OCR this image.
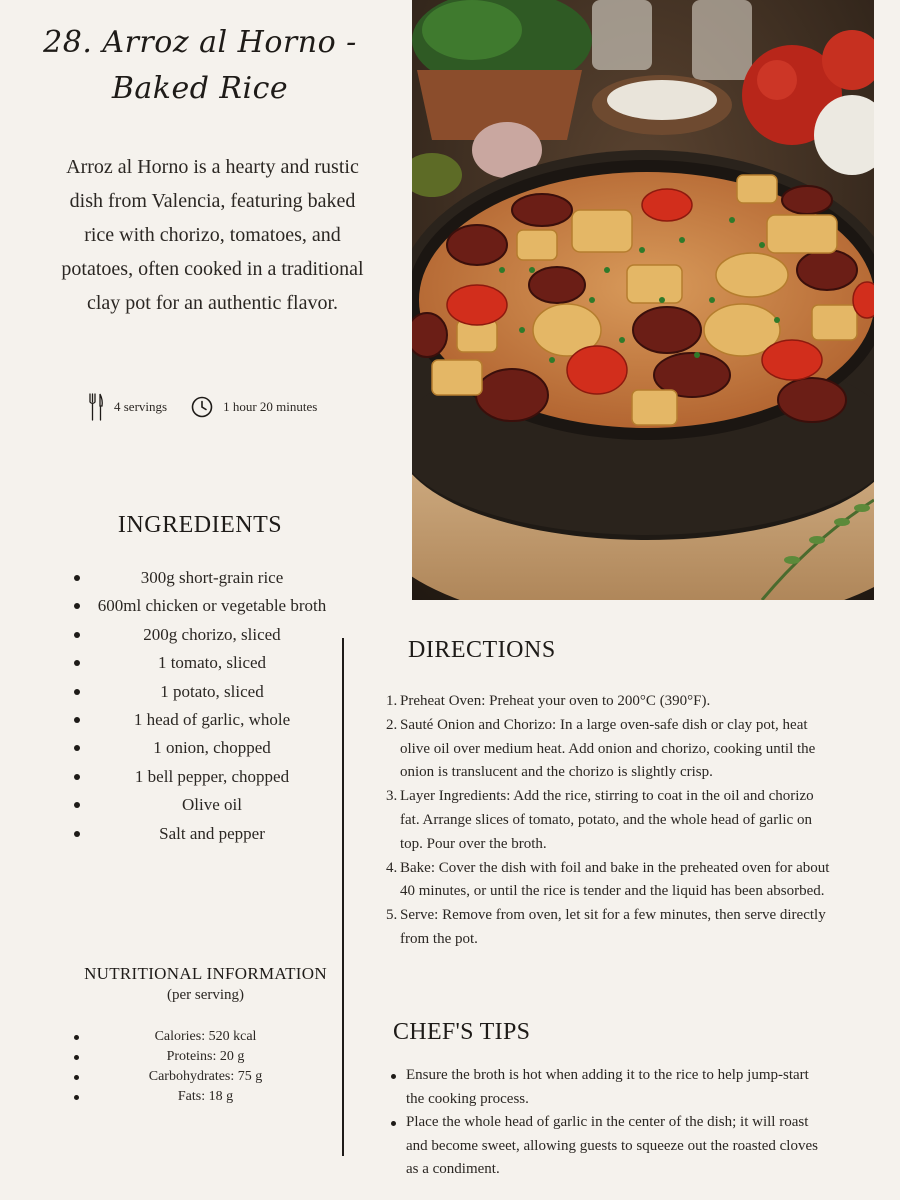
28. Arroz al Horno -
Baked Rice
Arroz al Horno is a hearty and rustic dish from Valencia, featuring baked rice with chorizo, tomatoes, and potatoes, often cooked in a traditional clay pot for an authentic flavor.
4 servings	1 hour 20 minutes
INGREDIENTS
300g short-grain rice
600ml chicken or vegetable broth
200g chorizo, sliced
1 tomato, sliced
1 potato, sliced
1 head of garlic, whole
1 onion, chopped
1 bell pepper, chopped
Olive oil
Salt and pepper
NUTRITIONAL INFORMATION
(per serving)
Calories: 520 kcal
Proteins: 20 g
Carbohydrates: 75 g
Fats: 18 g
DIRECTIONS
1. Preheat Oven: Preheat your oven to 200°C (390°F).
2. Sauté Onion and Chorizo: In a large oven-safe dish or clay pot, heat olive oil over medium heat. Add onion and chorizo, cooking until the onion is translucent and the chorizo is slightly crisp.
3. Layer Ingredients: Add the rice, stirring to coat in the oil and chorizo fat. Arrange slices of tomato, potato, and the whole head of garlic on top. Pour over the broth.
4. Bake: Cover the dish with foil and bake in the preheated oven for about 40 minutes, or until the rice is tender and the liquid has been absorbed.
5. Serve: Remove from oven, let sit for a few minutes, then serve directly from the pot.
CHEF'S TIPS
Ensure the broth is hot when adding it to the rice to help jump-start the cooking process.
Place the whole head of garlic in the center of the dish; it will roast and become sweet, allowing guests to squeeze out the roasted cloves as a condiment.
